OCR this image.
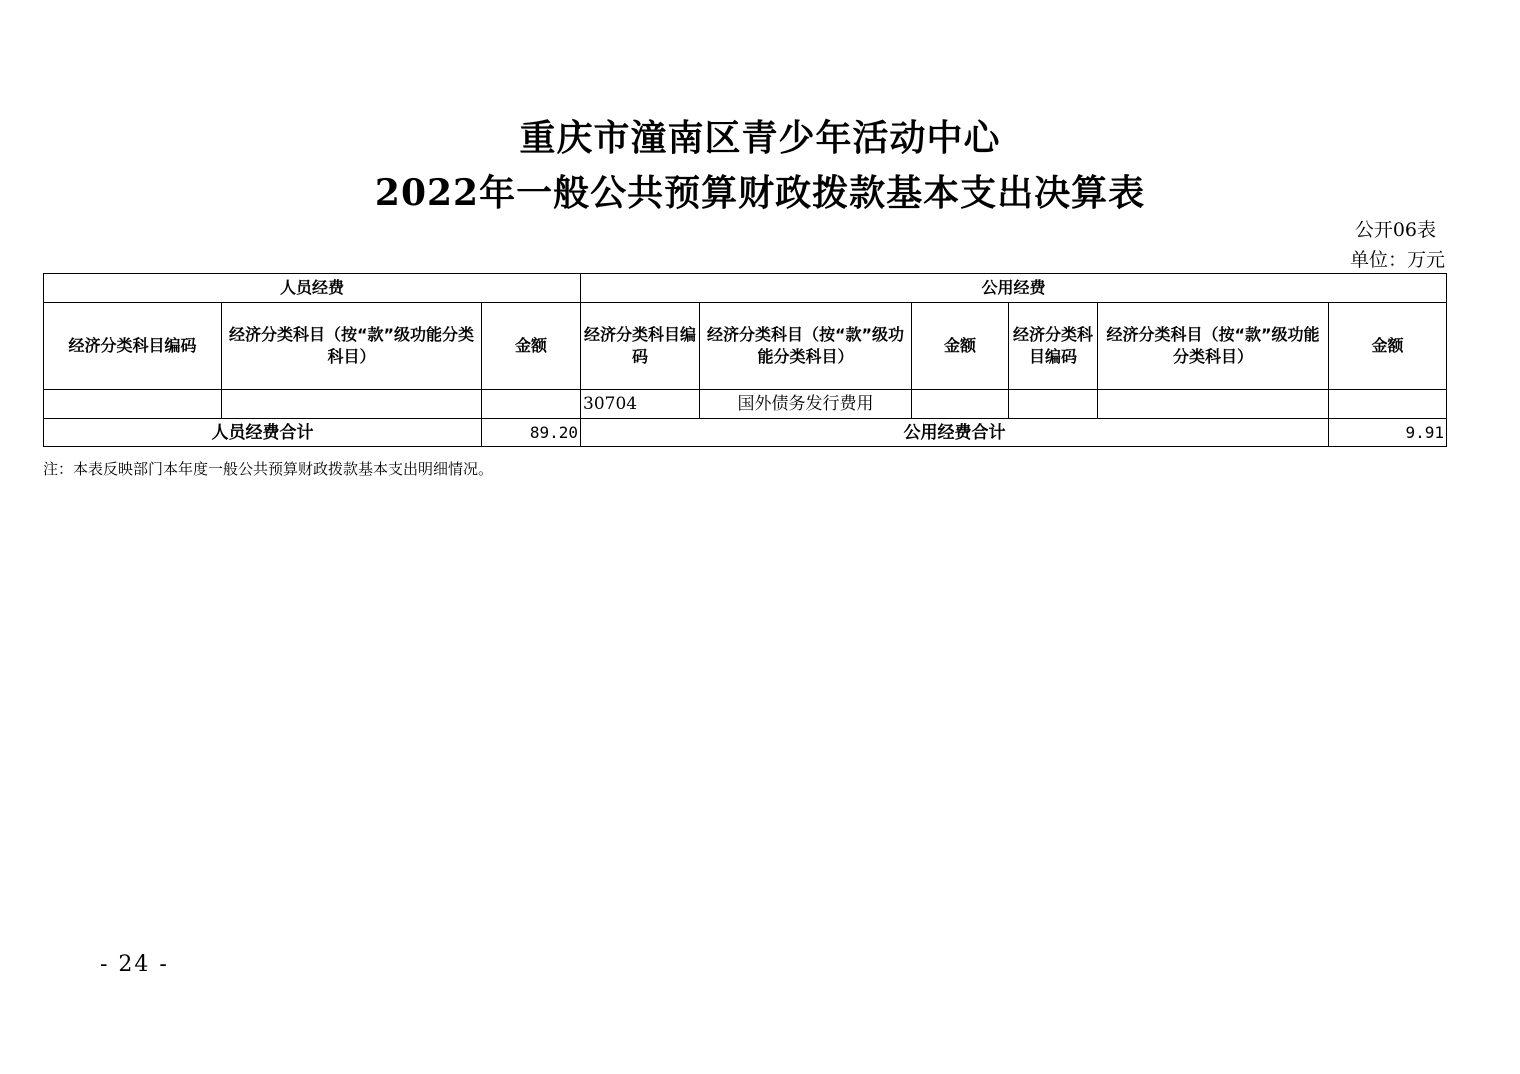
重庆市潼南区青少年活动中心
2022年一般公共预算财政拨款基本支出决算表
公开06表
单位：万元
人员经费			公用经费					
经济分类科目编码	经济分类科目（按“款”级功能分类科目）	金额	经济分类科目编码	经济分类科目（按“款”级功能分类科目）	金额	经济分类科目编码	经济分类科目（按“款”级功能分类科目）	金额
			30704	国外债务发行费用				
人员经费合计		89.20	公用经费合计					9.91
注：本表反映部门本年度一般公共预算财政拨款基本支出明细情况。
- 24 -
